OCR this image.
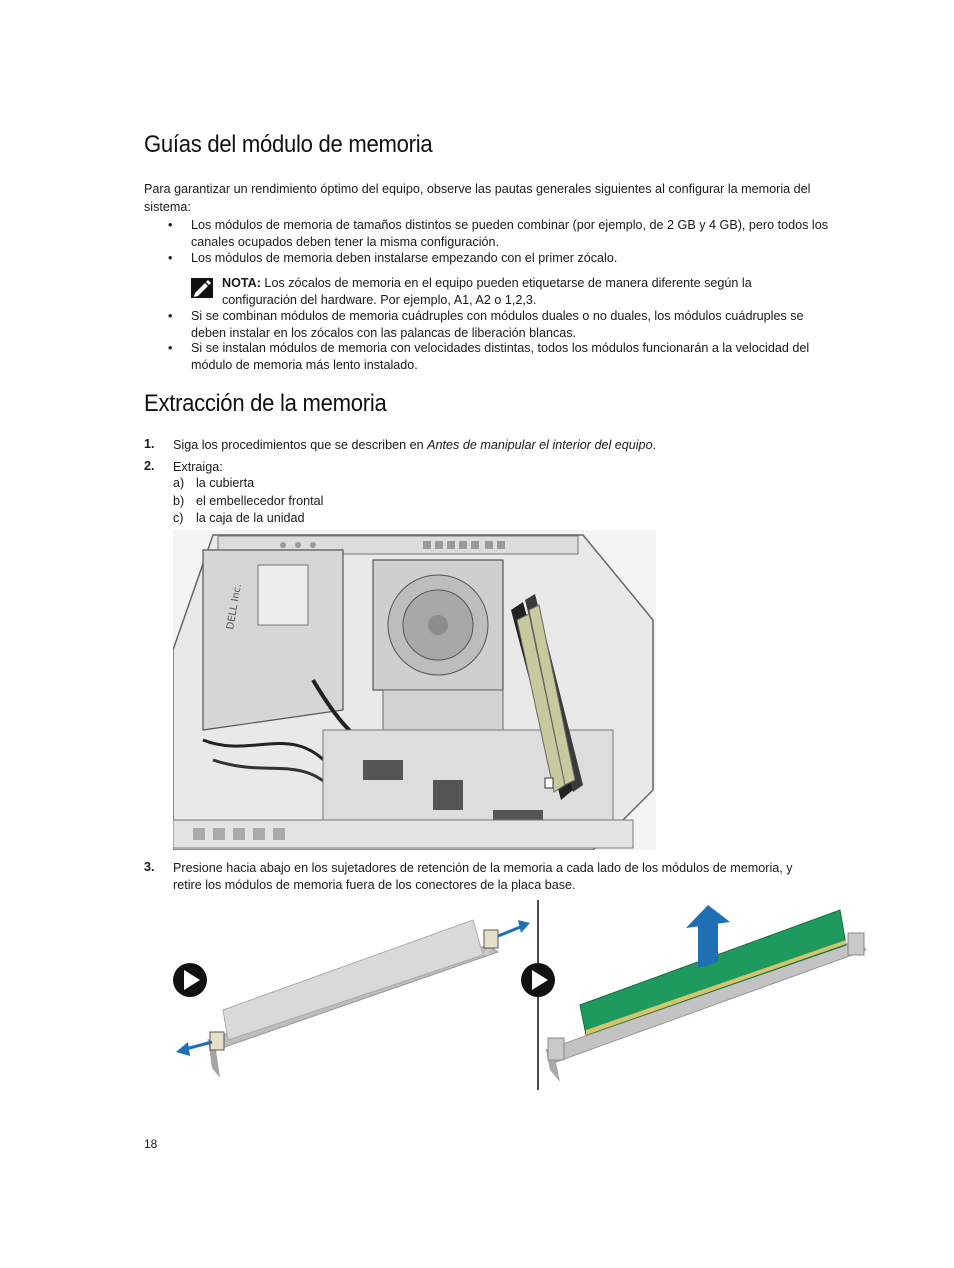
Guías del módulo de memoria

Para garantizar un rendimiento óptimo del equipo, observe las pautas generales siguientes al configurar la memoria del

sistema:

• Los módulos de memoria de tamaños distintos se pueden combinar (por ejemplo, de 2 GB y 4 GB), pero todos los
canales ocupados deben tener la misma configuración.
• Los módulos de memoria deben instalarse empezando con el primer zócalo.
NOTA: Los zócalos de memoria en el equipo pueden etiquetarse de manera diferente según la
configuración del hardware. Por ejemplo, A1, A2 o 1,2,3.
• Si se combinan módulos de memoria cuádruples con módulos duales o no duales, los módulos cuádruples se
deben instalar en los zócalos con las palancas de liberación blancas.
• Si se instalan módulos de memoria con velocidades distintas, todos los módulos funcionarán a la velocidad del
módulo de memoria más lento instalado.
Extracción de la memoria
1. Siga los procedimientos que se describen en Antes de manipular el interior del equipo.
2. Extraiga:
a) la cubierta
b) el embellecedor frontal
c) la caja de la unidad
DELL Inc.
3. Presione hacia abajo en los sujetadores de retención de la memoria a cada lado de los módulos de memoria, y
retire los módulos de memoria fuera de los conectores de la placa base.
18
